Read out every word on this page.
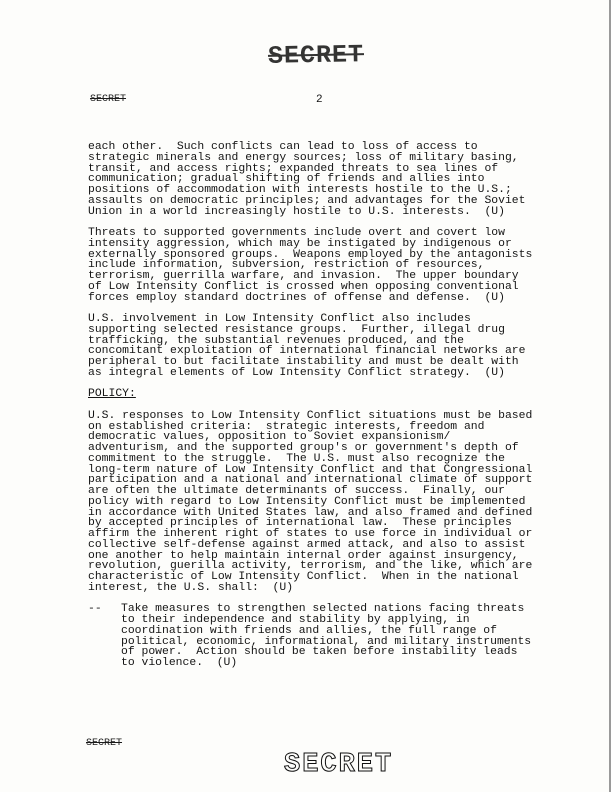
SECRET
SECRET	2

each other.  Such conflicts can lead to loss of access to
strategic minerals and energy sources; loss of military basing,
transit, and access rights; expanded threats to sea lines of
communication; gradual shifting of friends and allies into
positions of accommodation with interests hostile to the U.S.;
assaults on democratic principles; and advantages for the Soviet
Union in a world increasingly hostile to U.S. interests.  (U)

Threats to supported governments include overt and covert low
intensity aggression, which may be instigated by indigenous or
externally sponsored groups.  Weapons employed by the antagonists
include information, subversion, restriction of resources,
terrorism, guerrilla warfare, and invasion.  The upper boundary
of Low Intensity Conflict is crossed when opposing conventional
forces employ standard doctrines of offense and defense.  (U)

U.S. involvement in Low Intensity Conflict also includes
supporting selected resistance groups.  Further, illegal drug
trafficking, the substantial revenues produced, and the
concomitant exploitation of international financial networks are
peripheral to but facilitate instability and must be dealt with
as integral elements of Low Intensity Conflict strategy.  (U)

POLICY:

U.S. responses to Low Intensity Conflict situations must be based
on established criteria:  strategic interests, freedom and
democratic values, opposition to Soviet expansionism/
adventurism, and the supported group's or government's depth of
commitment to the struggle.  The U.S. must also recognize the
long-term nature of Low Intensity Conflict and that Congressional
participation and a national and international climate of support
are often the ultimate determinants of success.  Finally, our
policy with regard to Low Intensity Conflict must be implemented
in accordance with United States law, and also framed and defined
by accepted principles of international law.  These principles
affirm the inherent right of states to use force in individual or
collective self-defense against armed attack, and also to assist
one another to help maintain internal order against insurgency,
revolution, guerilla activity, terrorism, and the like, which are
characteristic of Low Intensity Conflict.  When in the national
interest, the U.S. shall:  (U)

--	Take measures to strengthen selected nations facing threats
to their independence and stability by applying, in
coordination with friends and allies, the full range of
political, economic, informational, and military instruments
of power.  Action should be taken before instability leads
to violence.  (U)
SECRET
SECRET
